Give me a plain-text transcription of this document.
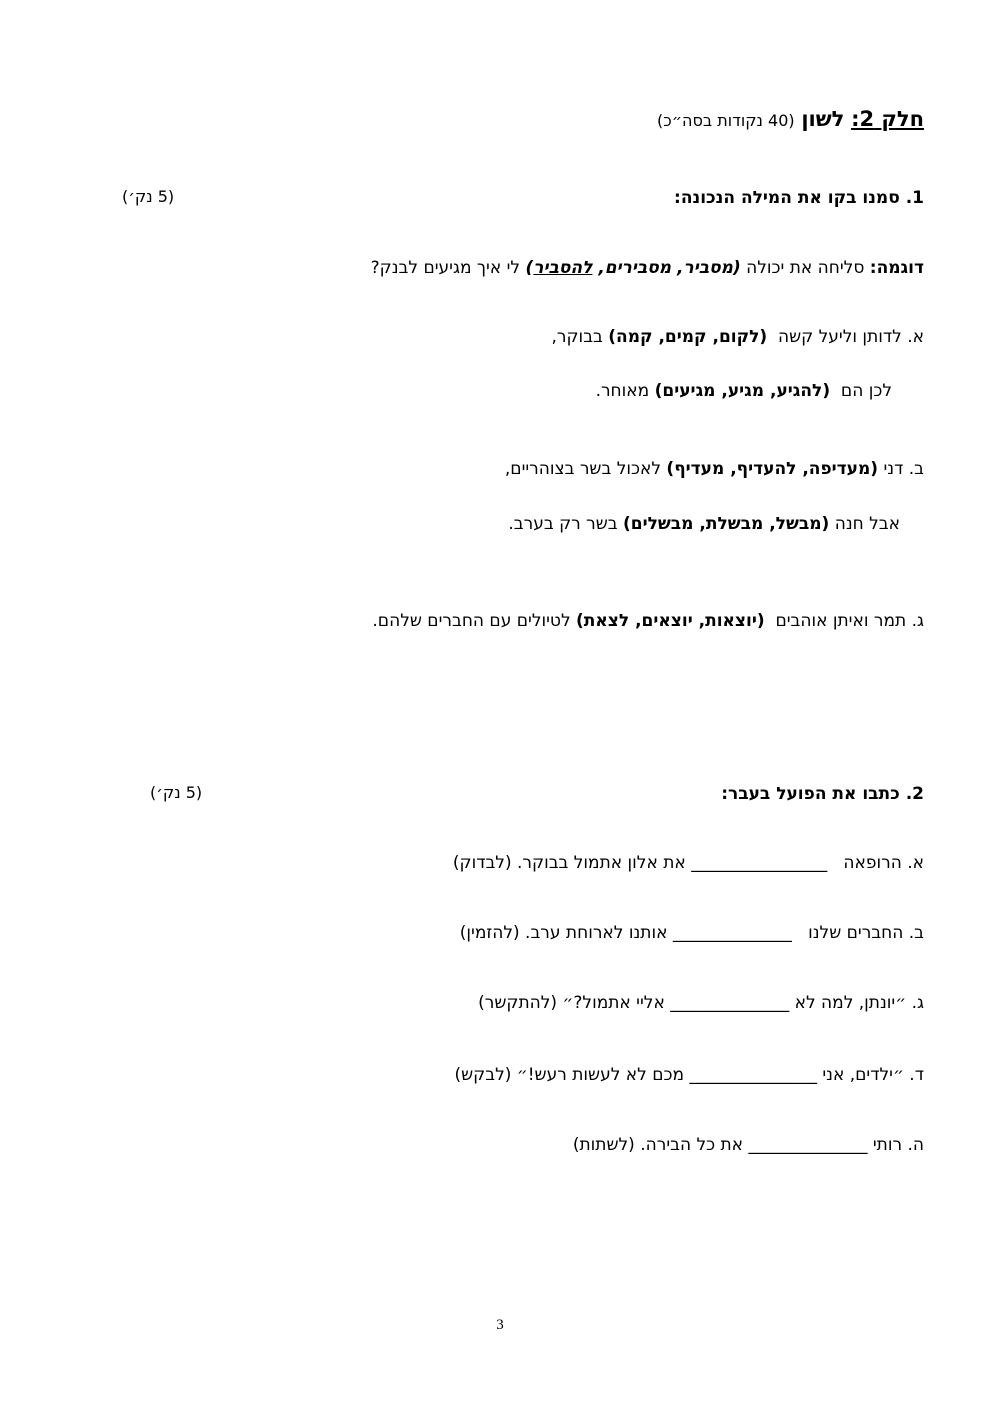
חלק 2: לשון (40 נקודות בסה״כ)
1. סמנו בקו את המילה הנכונה:
(5 נק׳)
דוגמה: סליחה את יכולה (מסביר, מסבירים, להסביר) לי איך מגיעים לבנק?
א. לדותן וליעל קשה  (לקום, קמים, קמה) בבוקר,
לכן הם  (להגיע, מגיע, מגיעים) מאוחר.
ב. דני (מעדיפה, להעדיף, מעדיף) לאכול בשר בצוהריים,
אבל חנה (מבשל, מבשלת, מבשלים) בשר רק בערב.
ג. תמר ואיתן אוהבים  (יוצאות, יוצאים, לצאת) לטיולים עם החברים שלהם.
2. כתבו את הפועל בעבר:
(5 נק׳)
א. הרופאה   ________________ את אלון אתמול בבוקר. (לבדוק)
ב. החברים שלנו   ______________ אותנו לארוחת ערב. (להזמין)
ג. ״יונתן, למה לא ______________ אליי אתמול?״ (להתקשר)
ד. ״ילדים, אני _______________ מכם לא לעשות רעש!״ (לבקש)
ה. רותי ______________ את כל הבירה. (לשתות)
3
